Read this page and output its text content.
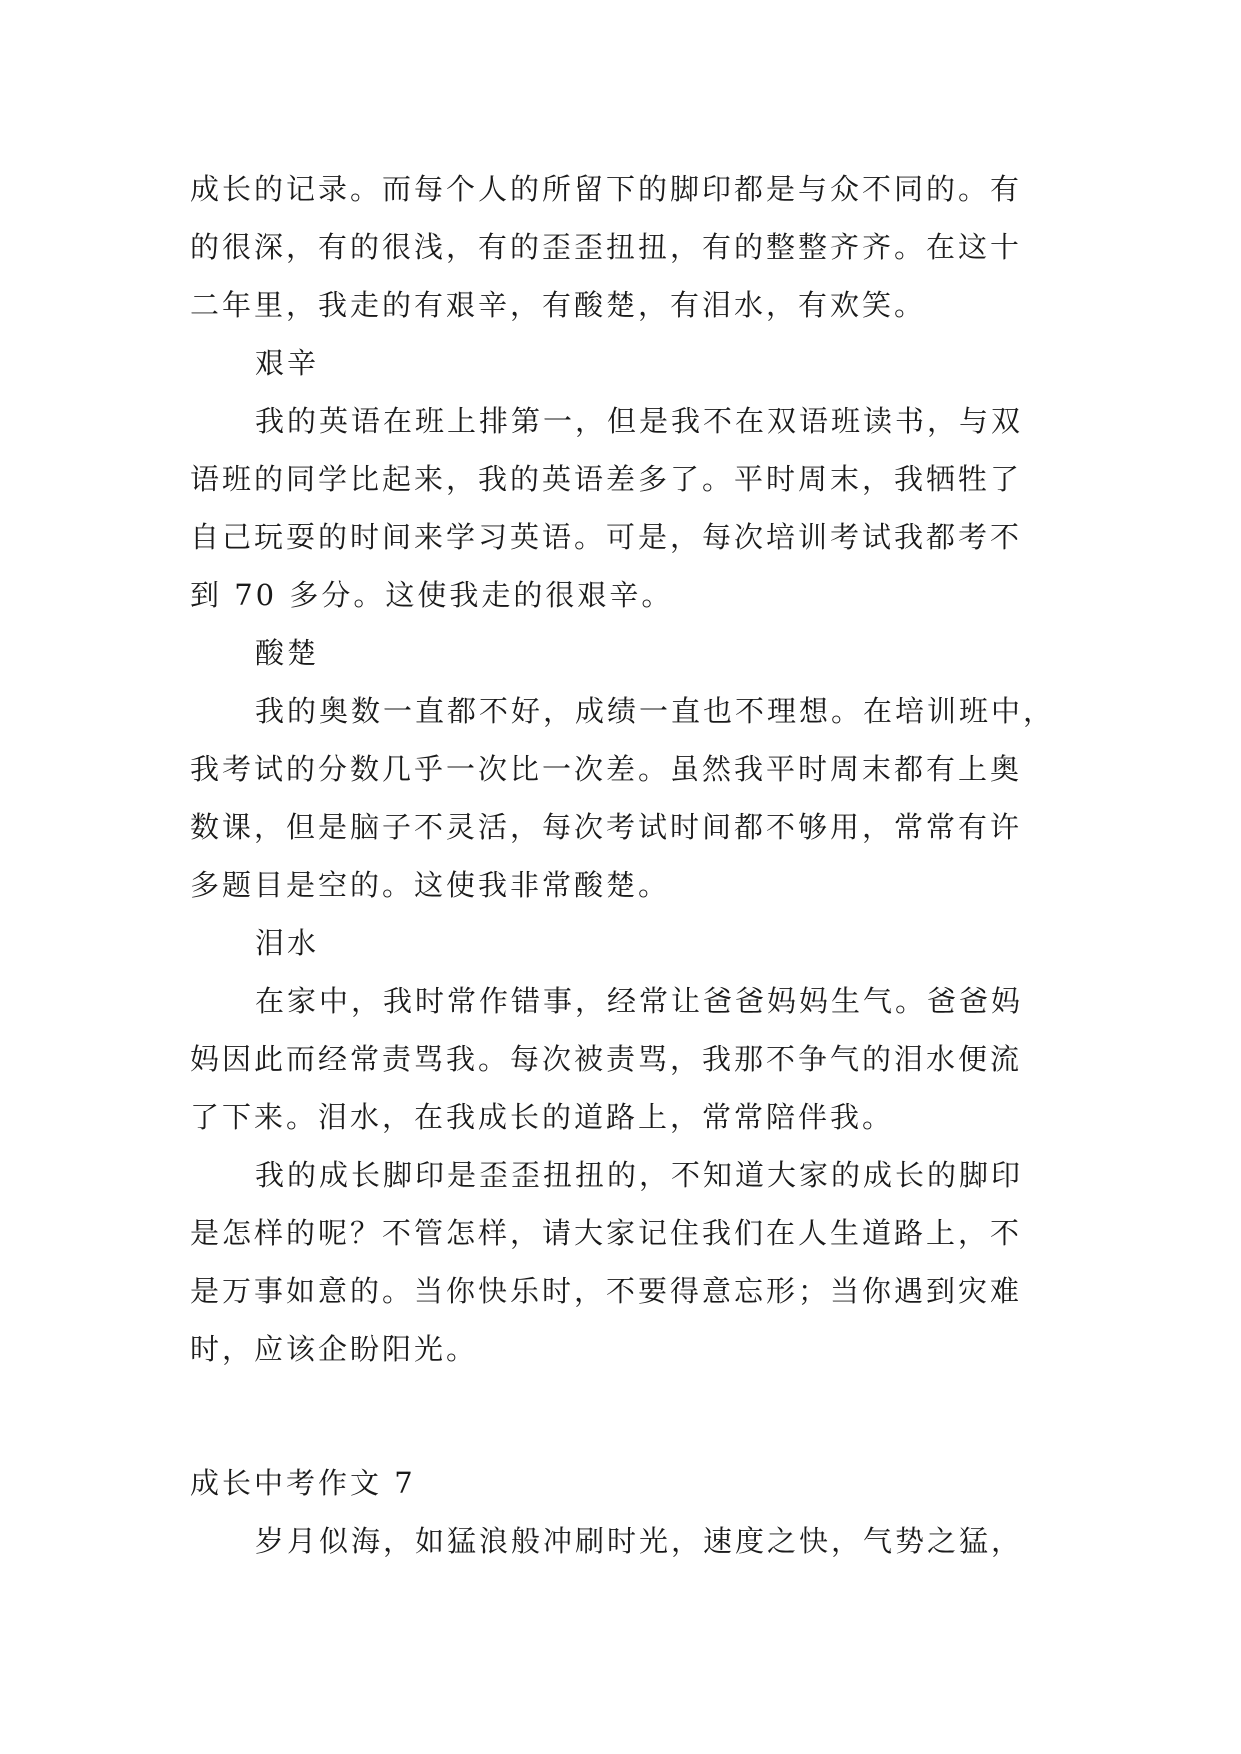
成长的记录。而每个人的所留下的脚印都是与众不同的。有
的很深，有的很浅，有的歪歪扭扭，有的整整齐齐。在这十
二年里，我走的有艰辛，有酸楚，有泪水，有欢笑。
艰辛
我的英语在班上排第一，但是我不在双语班读书，与双
语班的同学比起来，我的英语差多了。平时周末，我牺牲了
自己玩耍的时间来学习英语。可是，每次培训考试我都考不
到 70 多分。这使我走的很艰辛。
酸楚
我的奥数一直都不好，成绩一直也不理想。在培训班中，
我考试的分数几乎一次比一次差。虽然我平时周末都有上奥
数课，但是脑子不灵活，每次考试时间都不够用，常常有许
多题目是空的。这使我非常酸楚。
泪水
在家中，我时常作错事，经常让爸爸妈妈生气。爸爸妈
妈因此而经常责骂我。每次被责骂，我那不争气的泪水便流
了下来。泪水，在我成长的道路上，常常陪伴我。
我的成长脚印是歪歪扭扭的，不知道大家的成长的脚印
是怎样的呢？不管怎样，请大家记住我们在人生道路上，不
是万事如意的。当你快乐时，不要得意忘形；当你遇到灾难
时，应该企盼阳光。
成长中考作文 7
岁月似海，如猛浪般冲刷时光，速度之快，气势之猛，
